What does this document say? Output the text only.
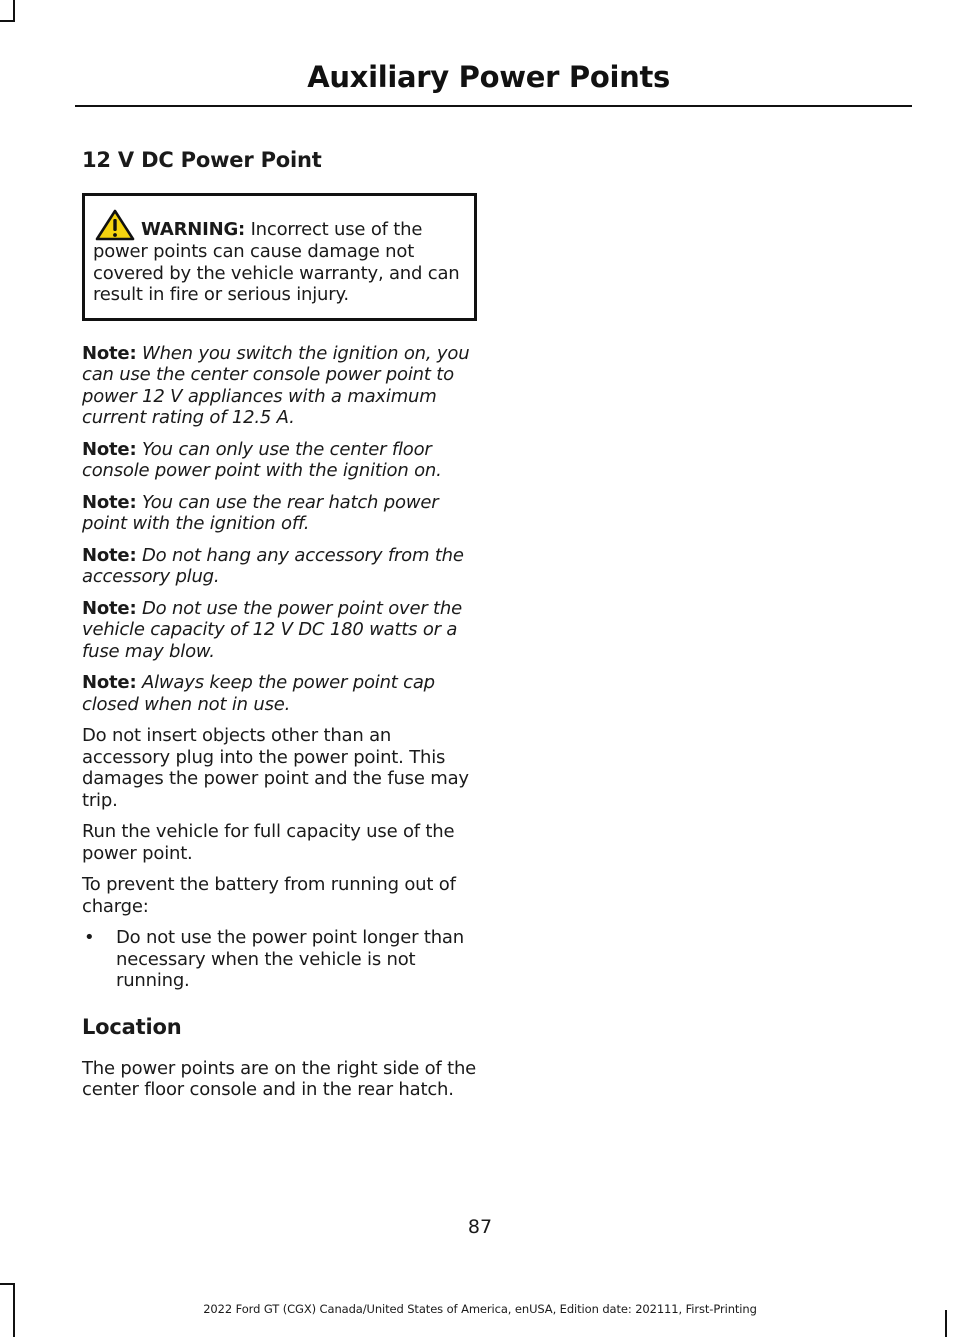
Auxiliary Power Points
12 V DC Power Point
WARNING: Incorrect use of the power points can cause damage not covered by the vehicle warranty, and can result in fire or serious injury.

Note: When you switch the ignition on, you can use the center console power point to power 12 V appliances with a maximum current rating of 12.5 A.

Note: You can only use the center floor console power point with the ignition on.

Note: You can use the rear hatch power point with the ignition off.

Note: Do not hang any accessory from the accessory plug.

Note: Do not use the power point over the vehicle capacity of 12 V DC 180 watts or a fuse may blow.

Note: Always keep the power point cap closed when not in use.

Do not insert objects other than an accessory plug into the power point. This damages the power point and the fuse may trip.

Run the vehicle for full capacity use of the power point.

To prevent the battery from running out of charge:

• Do not use the power point longer than necessary when the vehicle is not running.
Location

The power points are on the right side of the center floor console and in the rear hatch.

87
2022 Ford GT (CGX) Canada/United States of America, enUSA, Edition date: 202111, First-Printing
